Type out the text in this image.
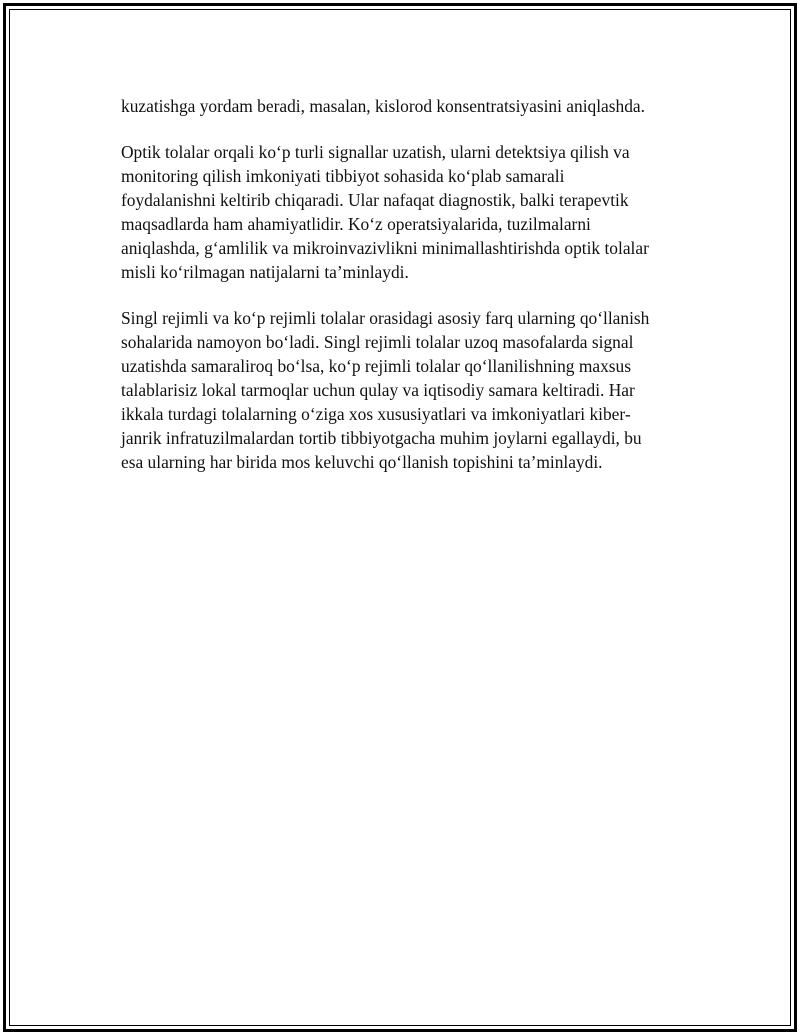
kuzatishga yordam beradi, masalan, kislorod konsentratsiyasini aniqlashda.

Optik tolalar orqali ko‘p turli signallar uzatish, ularni detektsiya qilish va
monitoring qilish imkoniyati tibbiyot sohasida ko‘plab samarali
foydalanishni keltirib chiqaradi. Ular nafaqat diagnostik, balki terapevtik
maqsadlarda ham ahamiyatlidir. Ko‘z operatsiyalarida, tuzilmalarni
aniqlashda, g‘amlilik va mikroinvazivlikni minimallashtirishda optik tolalar
misli ko‘rilmagan natijalarni ta’minlaydi.

Singl rejimli va ko‘p rejimli tolalar orasidagi asosiy farq ularning qo‘llanish
sohalarida namoyon bo‘ladi. Singl rejimli tolalar uzoq masofalarda signal
uzatishda samaraliroq bo‘lsa, ko‘p rejimli tolalar qo‘llanilishning maxsus
talablarisiz lokal tarmoqlar uchun qulay va iqtisodiy samara keltiradi. Har
ikkala turdagi tolalarning o‘ziga xos xususiyatlari va imkoniyatlari kiber-
janrik infratuzilmalardan tortib tibbiyotgacha muhim joylarni egallaydi, bu
esa ularning har birida mos keluvchi qo‘llanish topishini ta’minlaydi.
